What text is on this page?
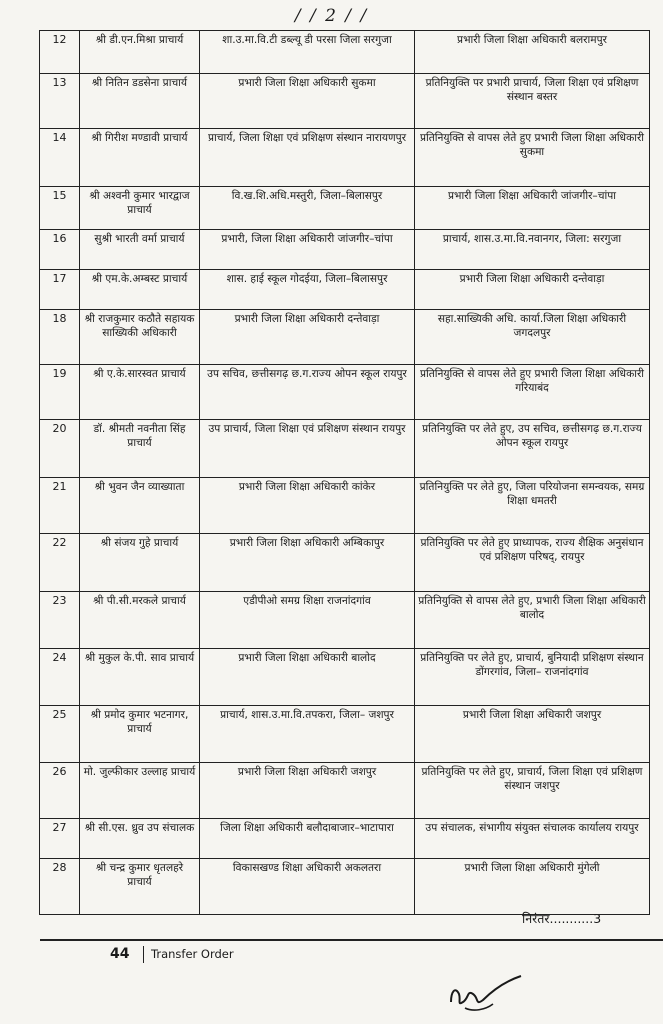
/ / 2 / /
12	श्री डी.एन.मिश्रा प्राचार्य	शा.उ.मा.वि.टी डब्ल्यू डी परसा जिला सरगुजा	प्रभारी जिला शिक्षा अधिकारी बलरामपुर
13	श्री नितिन डडसेना प्राचार्य	प्रभारी जिला शिक्षा अधिकारी सुकमा	प्रतिनियुक्ति पर प्रभारी प्राचार्य, जिला शिक्षा एवं प्रशिक्षण संस्थान बस्तर
14	श्री गिरीश मण्डावी प्राचार्य	प्राचार्य, जिला शिक्षा एवं प्रशिक्षण संस्थान नारायणपुर	प्रतिनियुक्ति से वापस लेते हुए प्रभारी जिला शिक्षा अधिकारी सुकमा
15	श्री अश्वनी कुमार भारद्वाज प्राचार्य	वि.ख.शि.अधि.मस्तुरी, जिला–बिलासपुर	प्रभारी जिला शिक्षा अधिकारी जांजगीर–चांपा
16	सुश्री भारती वर्मा प्राचार्य	प्रभारी, जिला शिक्षा अधिकारी जांजगीर–चांपा	प्राचार्य, शास.उ.मा.वि.नवानगर, जिला: सरगुजा
17	श्री एम.के.अम्बस्ट प्राचार्य	शास. हाई स्कूल गोदईया, जिला–बिलासपुर	प्रभारी जिला शिक्षा अधिकारी दन्तेवाड़ा
18	श्री राजकुमार कठौते सहायक साख्यिकी अधिकारी	प्रभारी जिला शिक्षा अधिकारी दन्तेवाड़ा	सहा.साख्यिकी अधि. कार्या.जिला शिक्षा अधिकारी जगदलपुर
19	श्री ए.के.सारस्वत प्राचार्य	उप सचिव, छत्तीसगढ़ छ.ग.राज्य ओपन स्कूल रायपुर	प्रतिनियुक्ति से वापस लेते हुए प्रभारी जिला शिक्षा अधिकारी गरियाबंद
20	डॉ. श्रीमती नवनीता सिंह प्राचार्य	उप प्राचार्य, जिला शिक्षा एवं प्रशिक्षण संस्थान रायपुर	प्रतिनियुक्ति पर लेते हुए, उप सचिव, छत्तीसगढ़ छ.ग.राज्य ओपन स्कूल रायपुर
21	श्री भुवन जैन व्याख्याता	प्रभारी जिला शिक्षा अधिकारी कांकेर	प्रतिनियुक्ति पर लेते हुए, जिला परियोजना समन्वयक, समग्र शिक्षा धमतरी
22	श्री संजय गुहे प्राचार्य	प्रभारी जिला शिक्षा अधिकारी अम्बिकापुर	प्रतिनियुक्ति पर लेते हुए प्राध्यापक, राज्य शैक्षिक अनुसंधान एवं प्रशिक्षण परिषद्, रायपुर
23	श्री पी.सी.मरकले प्राचार्य	एडीपीओ समग्र शिक्षा राजनांदगांव	प्रतिनियुक्ति से वापस लेते हुए, प्रभारी जिला शिक्षा अधिकारी बालोद
24	श्री मुकुल के.पी. साव प्राचार्य	प्रभारी जिला शिक्षा अधिकारी बालोद	प्रतिनियुक्ति पर लेते हुए, प्राचार्य, बुनियादी प्रशिक्षण संस्थान डोंगरगांव, जिला– राजनांदगांव
25	श्री प्रमोद कुमार भटनागर, प्राचार्य	प्राचार्य, शास.उ.मा.वि.तपकरा, जिला– जशपुर	प्रभारी जिला शिक्षा अधिकारी जशपुर
26	मो. जुल्फीकार उल्लाह प्राचार्य	प्रभारी जिला शिक्षा अधिकारी जशपुर	प्रतिनियुक्ति पर लेते हुए, प्राचार्य, जिला शिक्षा एवं प्रशिक्षण संस्थान जशपुर
27	श्री सी.एस. ध्रुव उप संचालक	जिला शिक्षा अधिकारी बलौदाबाजार–भाटापारा	उप संचालक, संभागीय संयुक्त संचालक कार्यालय रायपुर
28	श्री चन्द्र कुमार धृतलहरे प्राचार्य	विकासखण्ड शिक्षा अधिकारी अकलतरा	प्रभारी जिला शिक्षा अधिकारी मुंगेली
निरंतर...........3
44 Transfer Order
